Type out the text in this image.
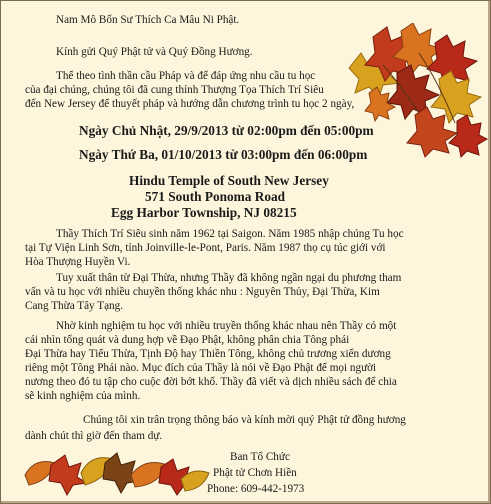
Nam Mô Bổn Sư Thích Ca Mâu Ni Phật.
Kính gửi Quý Phật tử và Quý Đồng Hương.
Thể theo tình thần cầu Pháp và để đáp ứng nhu cầu tu học
của đại chúng, chúng tôi đã cung thỉnh Thượng Tọa Thích Trí Siêu
đến New Jersey để thuyết pháp và hướng dẫn chương trình tu học 2 ngày,
Ngày Chủ Nhật, 29/9/2013 từ 02:00pm đến 05:00pm
Ngày Thứ Ba, 01/10/2013 từ 03:00pm đến 06:00pm
Hindu Temple of South New Jersey
571 South Ponoma Road
Egg Harbor Township, NJ 08215
Thầy Thích Trí Siêu sinh năm 1962 tại Saigon. Năm 1985 nhập chúng Tu học
tại Tự Viện Linh Sơn, tỉnh Joinville-le-Pont, Paris. Năm 1987 thọ cụ túc giới với
Hòa Thượng Huyền Vi.
Tuy xuất thân từ Đại Thừa, nhưng Thầy đã không ngần ngại du phương tham
vấn và tu học với nhiều chuyền thống khác nhu : Nguyên Thủy, Đại Thừa, Kim
Cang Thừa Tây Tạng.
Nhờ kinh nghiệm tu học với nhiều truyền thống khác nhau nên Thầy có một
cái nhìn tổng quát và dung hợp về Đạo Phật, không phân chia Tông phái
Đại Thừa hay Tiểu Thừa, Tịnh Độ hay Thiền Tông, không chủ trương xiển dương
riêng một Tông Phái nào. Mục đích của Thầy là nói về Đạo Phật để mọi người
nương theo đó tu tập cho cuộc đời bớt khổ. Thầy đã viết và dịch nhiều sách để chia
sẽ kinh nghiệm của mình.
Chúng tôi xin trân trọng thông báo và kính mời quý Phật tử đồng hương
dành chút thì giờ đến tham dự.
Ban Tổ Chức
Phật tử Chơn Hiền
Phone: 609-442-1973
